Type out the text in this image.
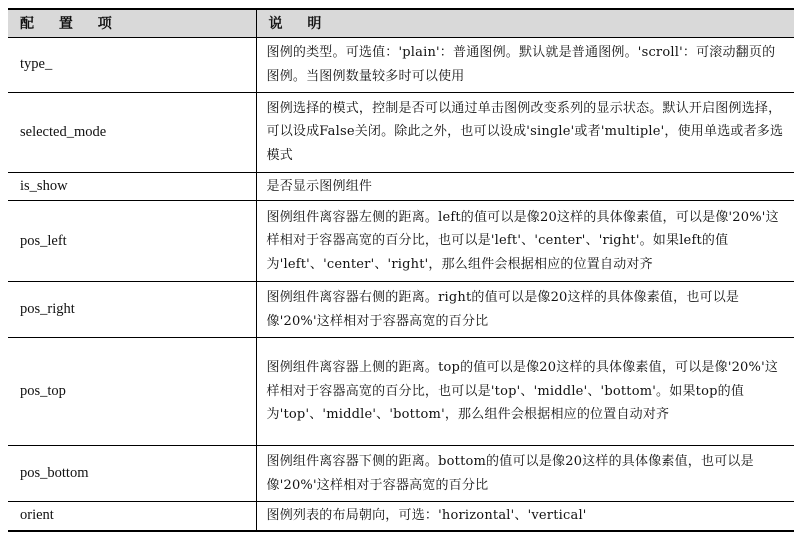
配 置 项	说 明
type_	图例的类型。可选值：'plain'：普通图例。默认就是普通图例。'scroll'：可滚动翻页的图例。当图例数量较多时可以使用
selected_mode	图例选择的模式，控制是否可以通过单击图例改变系列的显示状态。默认开启图例选择，可以设成False关闭。除此之外，也可以设成'single'或者'multiple'，使用单选或者多选模式
is_show	是否显示图例组件
pos_left	图例组件离容器左侧的距离。left的值可以是像20这样的具体像素值，可以是像'20%'这样相对于容器高宽的百分比，也可以是'left'、'center'、'right'。如果left的值为'left'、'center'、'right'，那么组件会根据相应的位置自动对齐
pos_right	图例组件离容器右侧的距离。right的值可以是像20这样的具体像素值，也可以是像'20%'这样相对于容器高宽的百分比
pos_top	图例组件离容器上侧的距离。top的值可以是像20这样的具体像素值，可以是像'20%'这样相对于容器高宽的百分比，也可以是'top'、'middle'、'bottom'。如果top的值为'top'、'middle'、'bottom'，那么组件会根据相应的位置自动对齐
pos_bottom	图例组件离容器下侧的距离。bottom的值可以是像20这样的具体像素值，也可以是像'20%'这样相对于容器高宽的百分比
orient	图例列表的布局朝向，可选：'horizontal'、'vertical'
